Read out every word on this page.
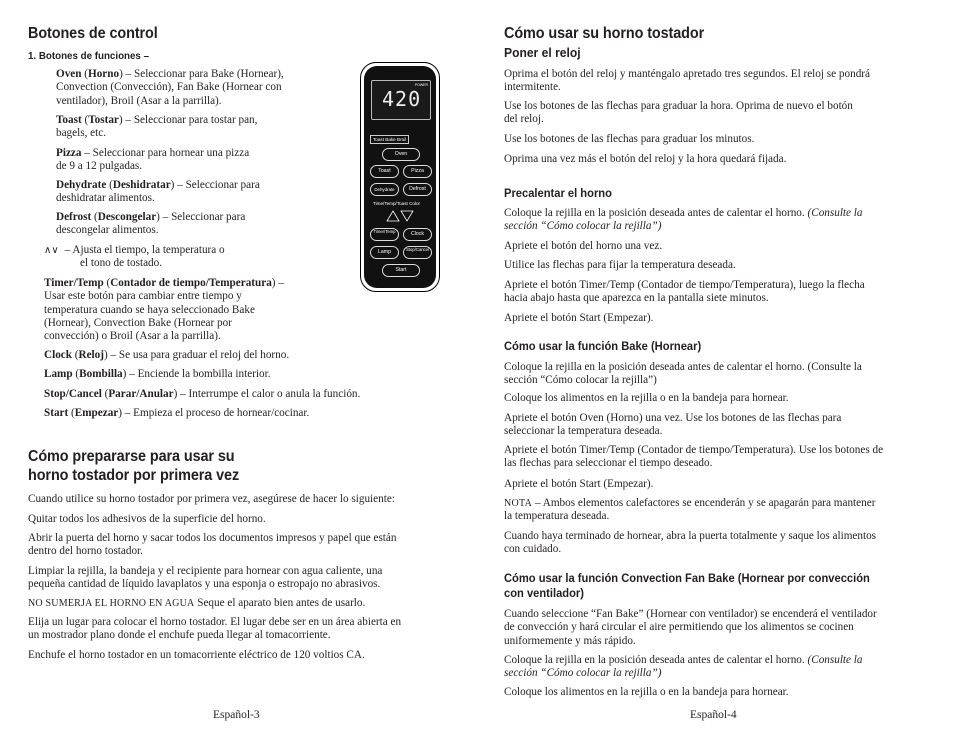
Botones de control
1. Botones de funciones –

Oven (Horno) – Seleccionar para Bake (Hornear),

Convection (Convección), Fan Bake (Hornear con

ventilador), Broil (Asar a la parrilla).

Toast (Tostar) – Seleccionar para tostar pan,

bagels, etc.

Pizza – Seleccionar para hornear una pizza

de 9 a 12 pulgadas.

Dehydrate (Deshidratar) – Seleccionar para

deshidratar alimentos.

Defrost (Descongelar) – Seleccionar para

descongelar alimentos.

∧∨ – Ajusta el tiempo, la temperatura o

el tono de tostado.

Timer/Temp (Contador de tiempo/Temperatura) –

Usar este botón para cambiar entre tiempo y

temperatura cuando se haya seleccionado Bake

(Hornear), Convection Bake (Hornear por

convección) o Broil (Asar a la parrilla).

Clock (Reloj) – Se usa para graduar el reloj del horno.

Lamp (Bombilla) – Enciende la bombilla interior.

Stop/Cancel (Parar/Anular) – Interrumpe el calor o anula la función.

Start (Empezar) – Empieza el proceso de hornear/cocinar.

Cómo prepararse para usar su
horno tostador por primera vez

Cuando utilice su horno tostador por primera vez, asegúrese de hacer lo siguiente:

Quitar todos los adhesivos de la superficie del horno.

Abrir la puerta del horno y sacar todos los documentos impresos y papel que están

dentro del horno tostador.

Limpiar la rejilla, la bandeja y el recipiente para hornear con agua caliente, una

pequeña cantidad de líquido lavaplatos y una esponja o estropajo no abrasivos.

NO SUMERJA EL HORNO EN AGUA Seque el aparato bien antes de usarlo.

Elija un lugar para colocar el horno tostador. El lugar debe ser en un área abierta en

un mostrador plano donde el enchufe pueda llegar al tomacorriente.

Enchufe el horno tostador en un tomacorriente eléctrico de 120 voltios CA.

Español-3
420
POWER
Toast Bake Broil
Oven
Toast	Pizza
Dehydrate	Defrost
Time/Temp/Toast Color
Timer/Temp	Clock
Lamp	Stop/Cancel
Start
Cómo usar su horno tostador
Poner el reloj

Oprima el botón del reloj y manténgalo apretado tres segundos. El reloj se pondrá

intermitente.

Use los botones de las flechas para graduar la hora. Oprima de nuevo el botón

del reloj.

Use los botones de las flechas para graduar los minutos.

Oprima una vez más el botón del reloj y la hora quedará fijada.

Precalentar el horno

Coloque la rejilla en la posición deseada antes de calentar el horno. (Consulte la

sección “Cómo colocar la rejilla”)

Apriete el botón del horno una vez.

Utilice las flechas para fijar la temperatura deseada.

Apriete el botón Timer/Temp (Contador de tiempo/Temperatura), luego la flecha

hacia abajo hasta que aparezca en la pantalla siete minutos.

Apriete el botón Start (Empezar).

Cómo usar la función Bake (Hornear)

Coloque la rejilla en la posición deseada antes de calentar el horno. (Consulte la

sección “Cómo colocar la rejilla”)

Coloque los alimentos en la rejilla o en la bandeja para hornear.

Apriete el botón Oven (Horno) una vez. Use los botones de las flechas para

seleccionar la temperatura deseada.

Apriete el botón Timer/Temp (Contador de tiempo/Temperatura). Use los botones de

las flechas para seleccionar el tiempo deseado.

Apriete el botón Start (Empezar).

NOTA – Ambos elementos calefactores se encenderán y se apagarán para mantener

la temperatura deseada.

Cuando haya terminado de hornear, abra la puerta totalmente y saque los alimentos

con cuidado.

Cómo usar la función Convection Fan Bake (Hornear por convección
con ventilador)

Cuando seleccione “Fan Bake” (Hornear con ventilador) se encenderá el ventilador

de convección y hará circular el aire permitiendo que los alimentos se cocinen

uniformemente y más rápido.

Coloque la rejilla en la posición deseada antes de calentar el horno. (Consulte la

sección “Cómo colocar la rejilla”)

Coloque los alimentos en la rejilla o en la bandeja para hornear.

Español-4
